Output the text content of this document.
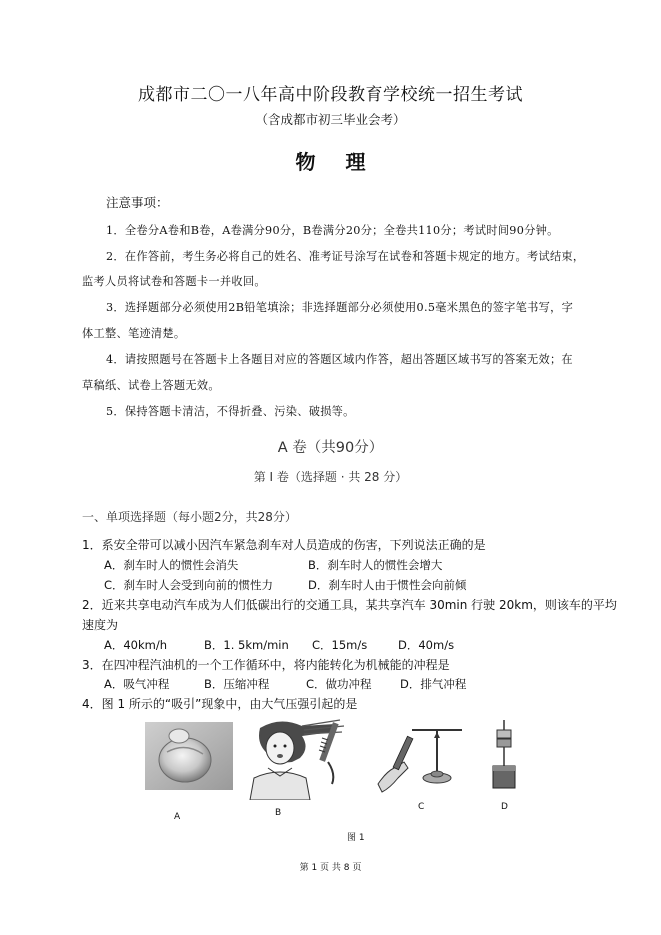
成都市二〇一八年高中阶段教育学校统一招生考试
（含成都市初三毕业会考）
物理
注意事项：
1．全卷分A卷和B卷，A卷满分90分，B卷满分20分；全卷共110分；考试时间90分钟。
2．在作答前，考生务必将自己的姓名、准考证号涂写在试卷和答题卡规定的地方。考试结束，
监考人员将试卷和答题卡一并收回。
3．选择题部分必须使用2B铅笔填涂；非选择题部分必须使用0.5毫米黑色的签字笔书写，字
体工整、笔迹清楚。
4．请按照题号在答题卡上各题目对应的答题区域内作答，超出答题区域书写的答案无效；在
草稿纸、试卷上答题无效。
5．保持答题卡清洁，不得折叠、污染、破损等。
A 卷（共90分）
第 I 卷（选择题 · 共 28 分）
一、单项选择题（每小题2分，共28分）
1．系安全带可以减小因汽车紧急刹车对人员造成的伤害，下列说法正确的是
A．刹车时人的惯性会消失	B．刹车时人的惯性会增大
C．刹车时人会受到向前的惯性力	D．刹车时人由于惯性会向前倾
2．近来共享电动汽车成为人们低碳出行的交通工具，某共享汽车 30min 行驶 20km，则该车的平均
速度为
A．40km/h	B．1. 5km/min C．15m/s	D．40m/s
3．在四冲程汽油机的一个工作循环中，将内能转化为机械能的冲程是
A．吸气冲程	B．压缩冲程	C．做功冲程 D．排气冲程
4．图 1 所示的“吸引”现象中，由大气压强引起的是
A	B
C	D
图 1
第 1 页 共 8 页
